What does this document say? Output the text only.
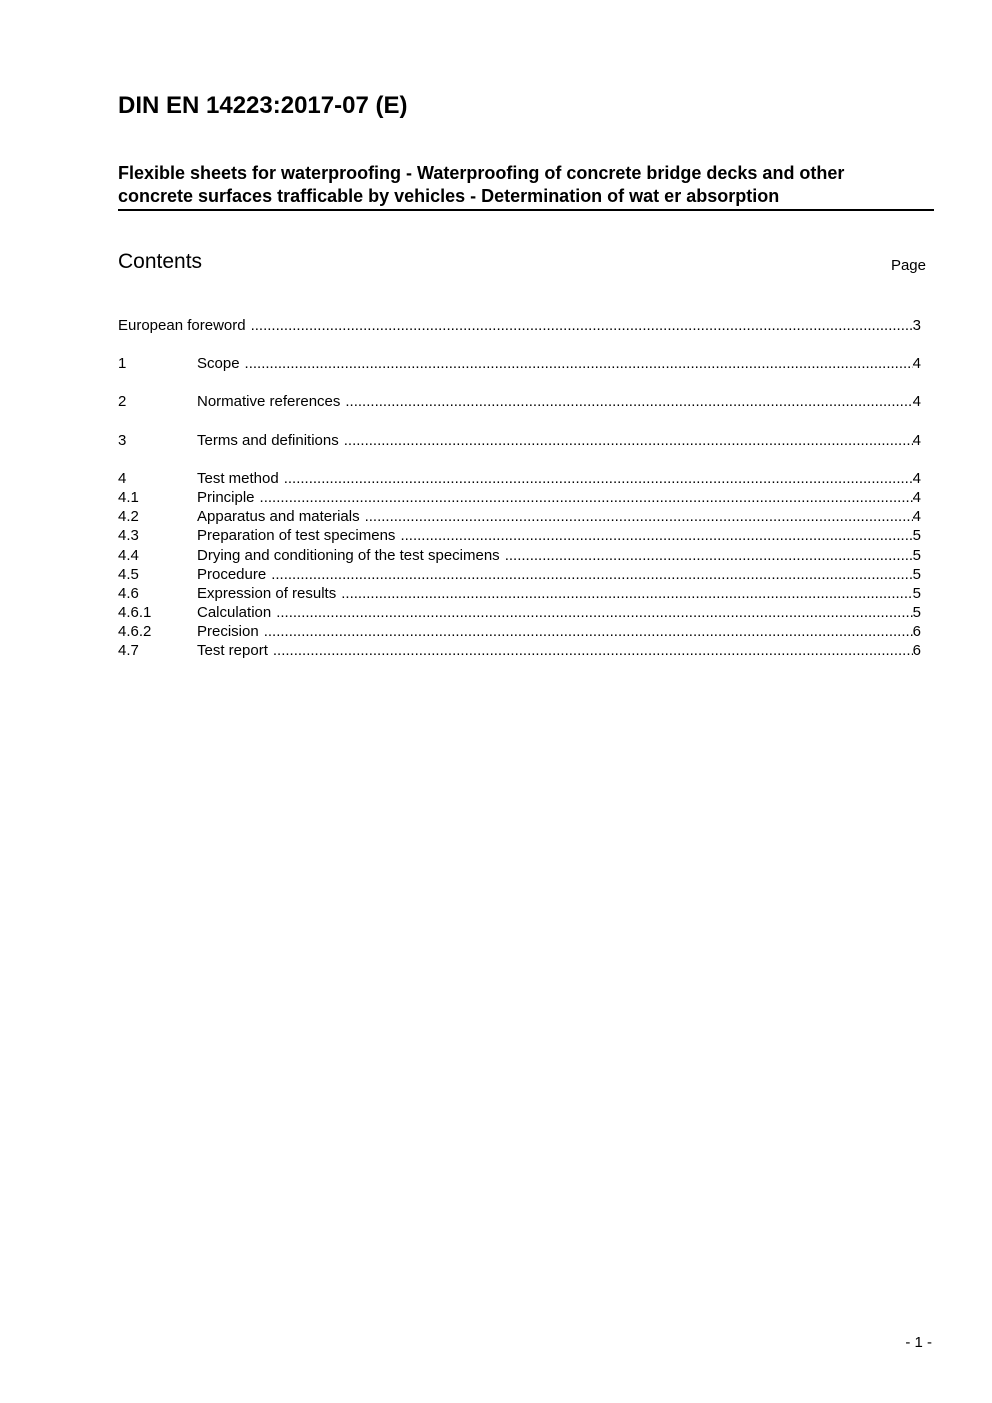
DIN EN 14223:2017-07 (E)
Flexible sheets for waterproofing - Waterproofing of concrete bridge decks and other
concrete surfaces trafficable by vehicles - Determination of wat er absorption
Contents	Page
European foreword .....	3
1	Scope .....	4
2	Normative references .....	4
3	Terms and definitions .....	4
4	Test method .....	4
4.1	Principle .....	4
4.2	Apparatus and materials .....	4
4.3	Preparation of test specimens .....	5
4.4	Drying and conditioning of the test specimens .....	5
4.5	Procedure .....	5
4.6	Expression of results .....	5
4.6.1	Calculation .....	5
4.6.2	Precision .....	6
4.7	Test report .....	6
- 1 -
